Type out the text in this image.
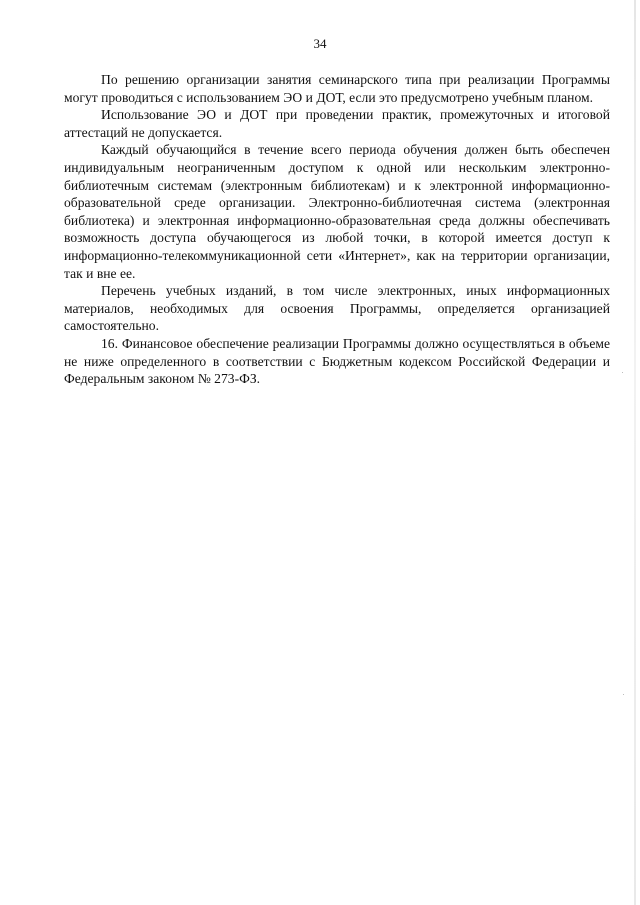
34

По решению организации занятия семинарского типа при реализации Программы могут проводиться с использованием ЭО и ДОТ, если это предусмотрено учебным планом.

Использование ЭО и ДОТ при проведении практик, промежуточных и итоговой аттестаций не допускается.

Каждый обучающийся в течение всего периода обучения должен быть обеспечен индивидуальным неограниченным доступом к одной или нескольким электронно-библиотечным системам (электронным библиотекам) и к электронной информационно-образовательной среде организации. Электронно-библиотечная система (электронная библиотека) и электронная информационно-образовательная среда должны обеспечивать возможность доступа обучающегося из любой точки, в которой имеется доступ к информационно-телекоммуникационной сети «Интернет», как на территории организации, так и вне ее.

Перечень учебных изданий, в том числе электронных, иных информационных материалов, необходимых для освоения Программы, определяется организацией самостоятельно.

16. Финансовое обеспечение реализации Программы должно осуществляться в объеме не ниже определенного в соответствии с Бюджетным кодексом Российской Федерации и Федеральным законом № 273-ФЗ.
